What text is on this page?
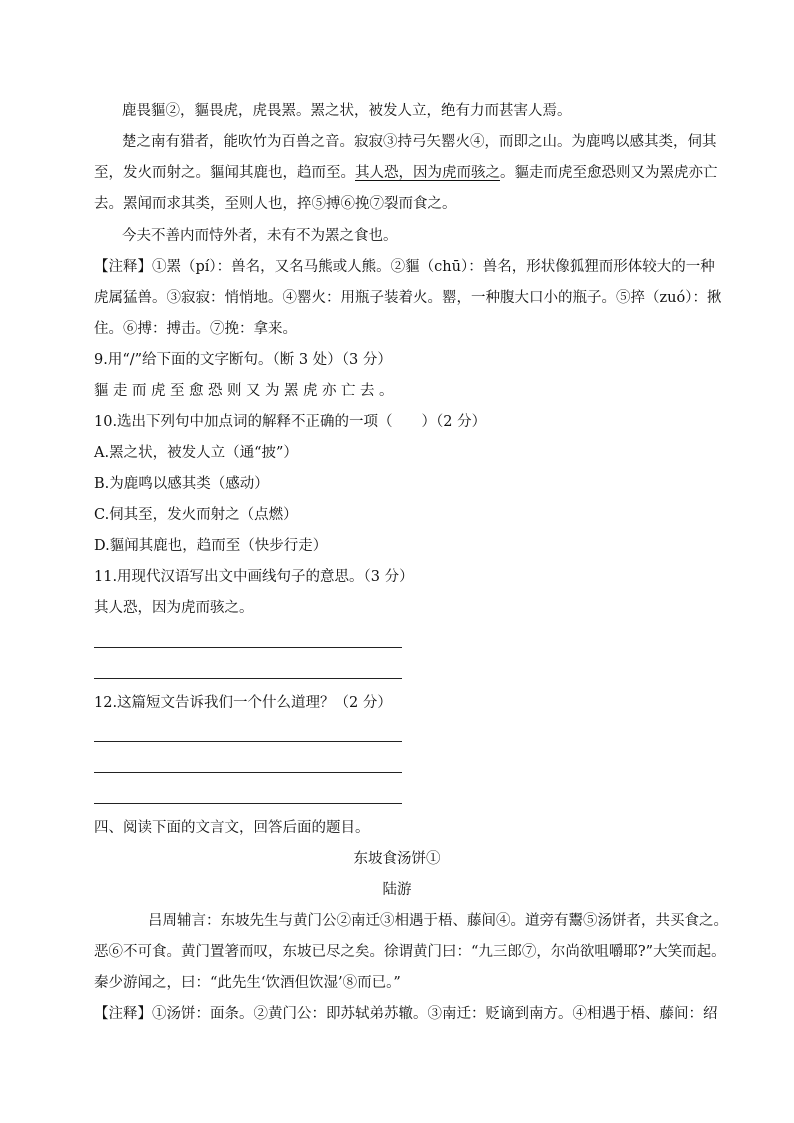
鹿畏貙②，貙畏虎，虎畏罴。罴之状，被发人立，绝有力而甚害人焉。
楚之南有猎者，能吹竹为百兽之音。寂寂③持弓矢罂火④，而即之山。为鹿鸣以感其类，伺其
至，发火而射之。貙闻其鹿也，趋而至。其人恐，因为虎而骇之。貙走而虎至愈恐则又为罴虎亦亡
去。罴闻而求其类，至则人也，捽⑤搏⑥挽⑦裂而食之。
今夫不善内而恃外者，未有不为罴之食也。
【注释】①罴（pí）：兽名，又名马熊或人熊。②貙（chū）：兽名，形状像狐狸而形体较大的一种
虎属猛兽。③寂寂：悄悄地。④罂火：用瓶子装着火。罂，一种腹大口小的瓶子。⑤捽（zuó）：揪
住。⑥搏：搏击。⑦挽：拿来。
9.用“/”给下面的文字断句。（断 3 处）（3 分）
貙走而虎至愈恐则又为罴虎亦亡去。
10.选出下列句中加点词的解释不正确的一项（　　）（2 分）
A.罴之状，被发人立（通“披”）
B.为鹿鸣以感其类（感动）
C.伺其至，发火而射之（点燃）
D.貙闻其鹿也，趋而至（快步行走）
11.用现代汉语写出文中画线句子的意思。（3 分）
其人恐，因为虎而骇之。
12.这篇短文告诉我们一个什么道理？（2 分）
四、阅读下面的文言文，回答后面的题目。
东坡食汤饼①
陆游
吕周辅言：东坡先生与黄门公②南迁③相遇于梧、藤间④。道旁有鬻⑤汤饼者，共买食之。
恶⑥不可食。黄门置箸而叹，东坡已尽之矣。徐谓黄门曰：“九三郎⑦，尔尚欲咀嚼耶?”大笑而起。
秦少游闻之，曰：“此先生‘饮酒但饮湿’⑧而已。”
【注释】①汤饼：面条。②黄门公：即苏轼弟苏辙。③南迁：贬谪到南方。④相遇于梧、藤间：绍
